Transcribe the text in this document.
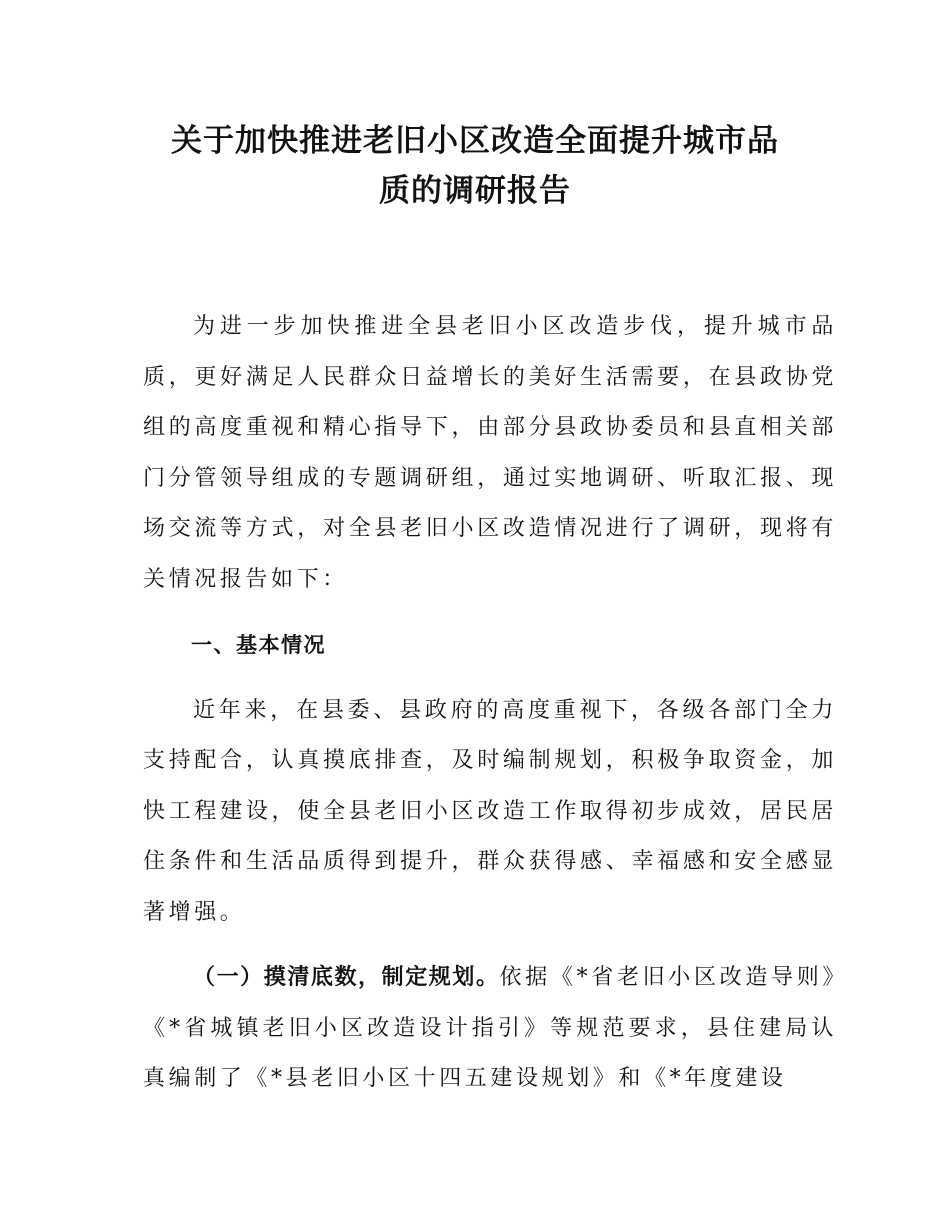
关于加快推进老旧小区改造全面提升城市品
质的调研报告

为进一步加快推进全县老旧小区改造步伐，提升城市品质，更好满足人民群众日益增长的美好生活需要，在县政协党组的高度重视和精心指导下，由部分县政协委员和县直相关部门分管领导组成的专题调研组，通过实地调研、听取汇报、现场交流等方式，对全县老旧小区改造情况进行了调研，现将有关情况报告如下：

一、基本情况

近年来，在县委、县政府的高度重视下，各级各部门全力支持配合，认真摸底排查，及时编制规划，积极争取资金，加快工程建设，使全县老旧小区改造工作取得初步成效，居民居住条件和生活品质得到提升，群众获得感、幸福感和安全感显著增强。

（一）摸清底数，制定规划。依据《*省老旧小区改造导则》《*省城镇老旧小区改造设计指引》等规范要求，县住建局认真编制了《*县老旧小区十四五建设规划》和《*年度建设
